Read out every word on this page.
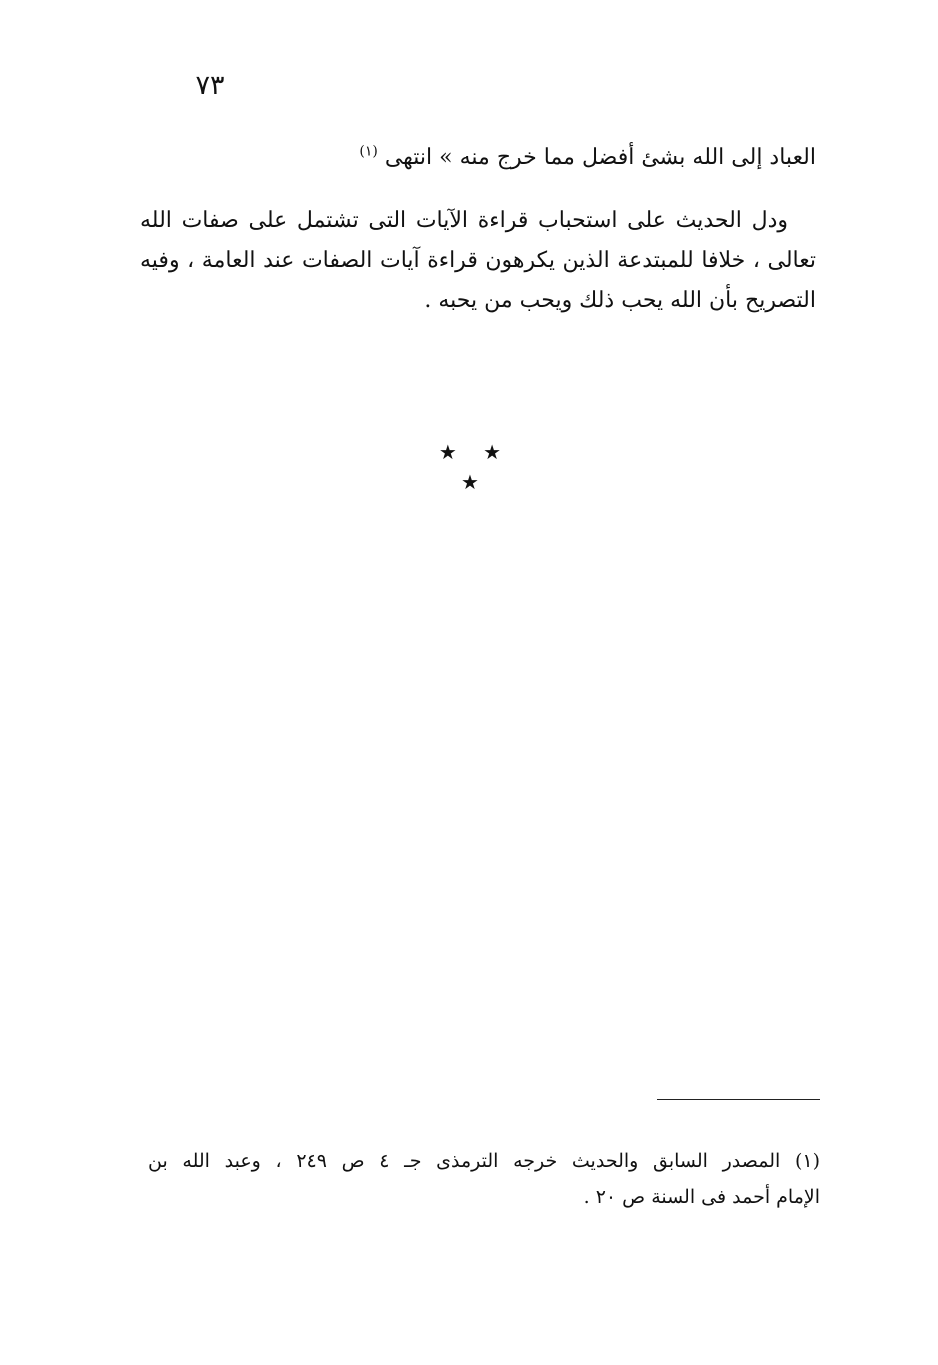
٧٣
العباد إلى الله بشئ أفضل مما خرج منه » انتهى $^{(١)}$
ودل الحديث على استحباب قراءة الآيات التى تشتمل على صفات الله
تعالى ، خلافا للمبتدعة الذين يكرهون قراءة آيات الصفات عند العامة ، وفيه
التصريح بأن الله يحب ذلك ويحب من يحبه .
★ ★ ★
(١) المصدر السابق والحديث خرجه الترمذى جـ ٤ ص ٢٤٩ ، وعبد الله بن
الإمام أحمد فى السنة ص ٢٠ .
